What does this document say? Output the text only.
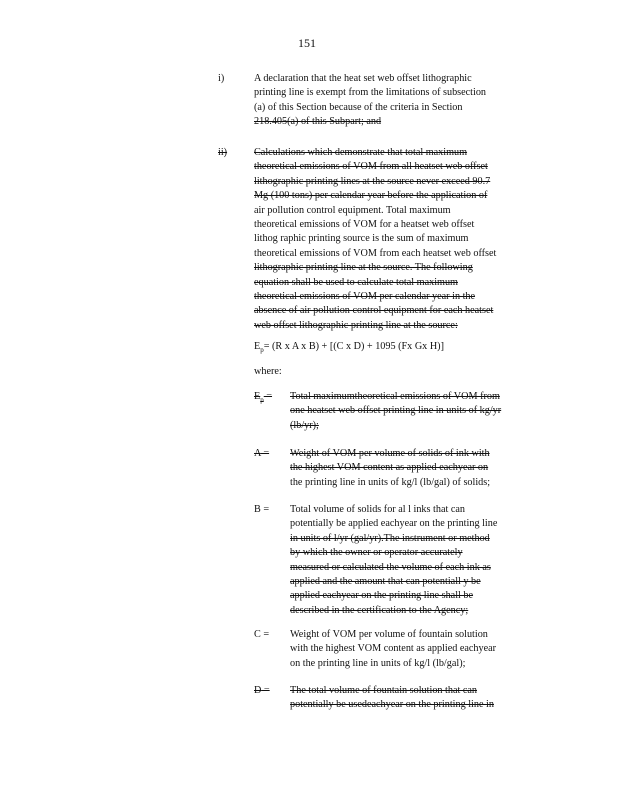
151
i)	A declaration that the heat set web offset lithographic
printing line is exempt from the limitations of subsection
(a) of this Section because of the criteria in Section
218.405(a) of this Subpart; and
ii)	Calculations which demonstrate that total maximum
theoretical emissions of VOM from all heatset web offset
lithographic printing lines at the source never exceed 90.7
Mg (100 tons) per calendar year before the application of
air pollution control equipment. Total maximum
theoretical emissions of VOM for a heatset web offset
lithog raphic printing source is the sum of maximum
theoretical emissions of VOM from each heatset web offset
lithographic printing line at the source. The following
equation shall be used to calculate total maximum
theoretical emissions of VOM per calendar year in the
absence of air pollution control equipment for each heatset
web offset lithographic printing line at the source:
$E_p= (R$ x A x B) + [(C x D) + 1095 (Fx Gx H)]
where:
$E_p$ = Total maximumtheoretical emissions of VOM from
one heatset web offset printing line in units of kg/yr
(lb/yr);
A = Weight of VOM per volume of solids of ink with
the highest VOM content as applied eachyear on
the printing line in units of kg/l (lb/gal) of solids;
B = Total volume of solids for al l inks that can
potentially be applied eachyear on the printing line
in units of l/yr (gal/yr).The instrument or method
by which the owner or operator accurately
measured or calculated the volume of each ink as
applied and the amount that can potentiall y be
applied eachyear on the printing line shall be
described in the certification to the Agency;
C = Weight of VOM per volume of fountain solution
with the highest VOM content as applied eachyear
on the printing line in units of kg/l (lb/gal);
D = The total volume of fountain solution that can
potentially be usedeachyear on the printing line in
